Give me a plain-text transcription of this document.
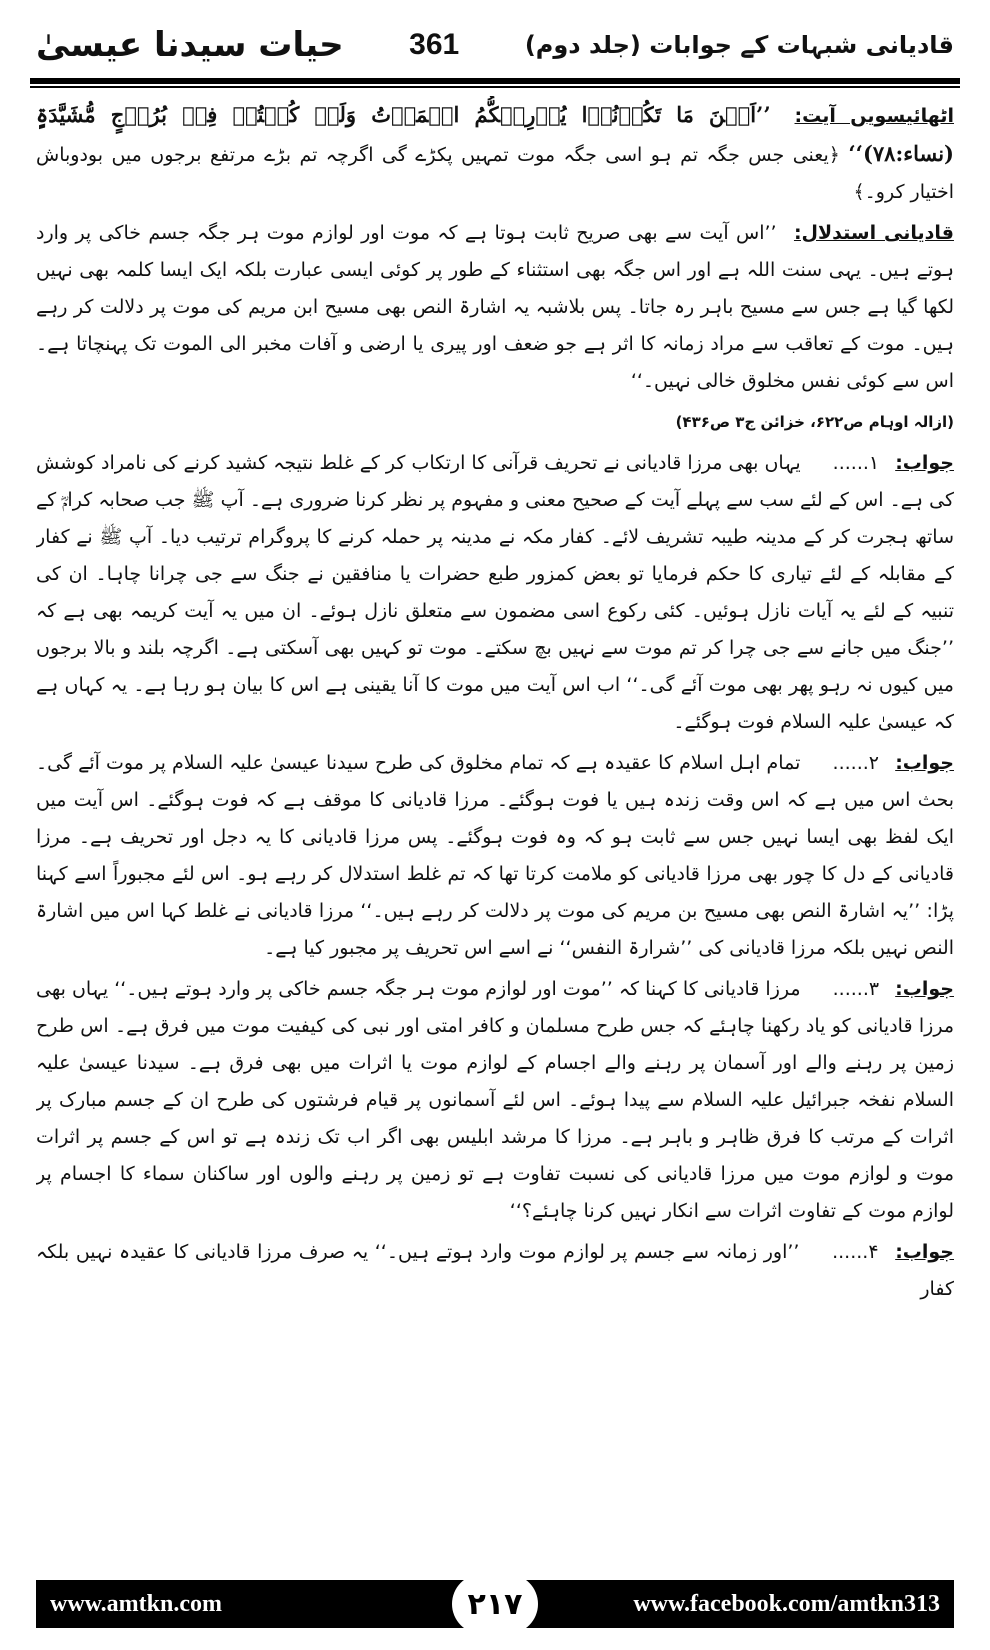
قادیانی شبہات کے جوابات (جلد دوم)
361
حیات سیدنا عیسیٰ

اٹھائیسویں آیت: ’’اَیۡنَ مَا تَکُوۡنُوۡا یُدۡرِکۡکُّمُ الۡمَوۡتُ وَلَوۡ کُنۡتُمۡ فِیۡ بُرُوۡجٍ مُّشَیَّدَۃٍ (نساء:۷۸)‘‘ ﴿یعنی جس جگہ تم ہو اسی جگہ موت تمہیں پکڑے گی اگرچہ تم بڑے مرتفع برجوں میں بودوباش اختیار کرو۔﴾

قادیانی استدلال: ’’اس آیت سے بھی صریح ثابت ہوتا ہے کہ موت اور لوازم موت ہر جگہ جسم خاکی پر وارد ہوتے ہیں۔ یہی سنت اللہ ہے اور اس جگہ بھی استثناء کے طور پر کوئی ایسی عبارت بلکہ ایک ایسا کلمہ بھی نہیں لکھا گیا ہے جس سے مسیح باہر رہ جاتا۔ پس بلاشبہ یہ اشارۃ النص بھی مسیح ابن مریم کی موت پر دلالت کر رہے ہیں۔ موت کے تعاقب سے مراد زمانہ کا اثر ہے جو ضعف اور پیری یا ارضی و آفات مخبر الی الموت تک پہنچاتا ہے۔ اس سے کوئی نفس مخلوق خالی نہیں۔‘‘

(ازالہ اوہام ص۶۲۲، خزائن ج۳ ص۴۳۶)

جواب: ۱...... یہاں بھی مرزا قادیانی نے تحریف قرآنی کا ارتکاب کر کے غلط نتیجہ کشید کرنے کی نامراد کوشش کی ہے۔ اس کے لئے سب سے پہلے آیت کے صحیح معنی و مفہوم پر نظر کرنا ضروری ہے۔ آپ ﷺ جب صحابہ کرامؓ کے ساتھ ہجرت کر کے مدینہ طیبہ تشریف لائے۔ کفار مکہ نے مدینہ پر حملہ کرنے کا پروگرام ترتیب دیا۔ آپ ﷺ نے کفار کے مقابلہ کے لئے تیاری کا حکم فرمایا تو بعض کمزور طبع حضرات یا منافقین نے جنگ سے جی چرانا چاہا۔ ان کی تنبیہ کے لئے یہ آیات نازل ہوئیں۔ کئی رکوع اسی مضمون سے متعلق نازل ہوئے۔ ان میں یہ آیت کریمہ بھی ہے کہ ’’جنگ میں جانے سے جی چرا کر تم موت سے نہیں بچ سکتے۔ موت تو کہیں بھی آسکتی ہے۔ اگرچہ بلند و بالا برجوں میں کیوں نہ رہو پھر بھی موت آئے گی۔‘‘ اب اس آیت میں موت کا آنا یقینی ہے اس کا بیان ہو رہا ہے۔ یہ کہاں ہے کہ عیسیٰ علیہ السلام فوت ہوگئے۔

جواب: ۲...... تمام اہل اسلام کا عقیدہ ہے کہ تمام مخلوق کی طرح سیدنا عیسیٰ علیہ السلام پر موت آئے گی۔ بحث اس میں ہے کہ اس وقت زندہ ہیں یا فوت ہوگئے۔ مرزا قادیانی کا موقف ہے کہ فوت ہوگئے۔ اس آیت میں ایک لفظ بھی ایسا نہیں جس سے ثابت ہو کہ وہ فوت ہوگئے۔ پس مرزا قادیانی کا یہ دجل اور تحریف ہے۔ مرزا قادیانی کے دل کا چور بھی مرزا قادیانی کو ملامت کرتا تھا کہ تم غلط استدلال کر رہے ہو۔ اس لئے مجبوراً اسے کہنا پڑا: ’’یہ اشارۃ النص بھی مسیح بن مریم کی موت پر دلالت کر رہے ہیں۔‘‘ مرزا قادیانی نے غلط کہا اس میں اشارۃ النص نہیں بلکہ مرزا قادیانی کی ’’شرارۃ النفس‘‘ نے اسے اس تحریف پر مجبور کیا ہے۔

جواب: ۳...... مرزا قادیانی کا کہنا کہ ’’موت اور لوازم موت ہر جگہ جسم خاکی پر وارد ہوتے ہیں۔‘‘ یہاں بھی مرزا قادیانی کو یاد رکھنا چاہئے کہ جس طرح مسلمان و کافر امتی اور نبی کی کیفیت موت میں فرق ہے۔ اس طرح زمین پر رہنے والے اور آسمان پر رہنے والے اجسام کے لوازم موت یا اثرات میں بھی فرق ہے۔ سیدنا عیسیٰ علیہ السلام نفخہ جبرائیل علیہ السلام سے پیدا ہوئے۔ اس لئے آسمانوں پر قیام فرشتوں کی طرح ان کے جسم مبارک پر اثرات کے مرتب کا فرق ظاہر و باہر ہے۔ مرزا کا مرشد ابلیس بھی اگر اب تک زندہ ہے تو اس کے جسم پر اثرات موت و لوازم موت میں مرزا قادیانی کی نسبت تفاوت ہے تو زمین پر رہنے والوں اور ساکنان سماء کا اجسام پر لوازم موت کے تفاوت اثرات سے انکار نہیں کرنا چاہئے؟‘‘

جواب: ۴...... ’’اور زمانہ سے جسم پر لوازم موت وارد ہوتے ہیں۔‘‘ یہ صرف مرزا قادیانی کا عقیدہ نہیں بلکہ کفار

www.amtkn.com	۲۱۷	www.facebook.com/amtkn313
